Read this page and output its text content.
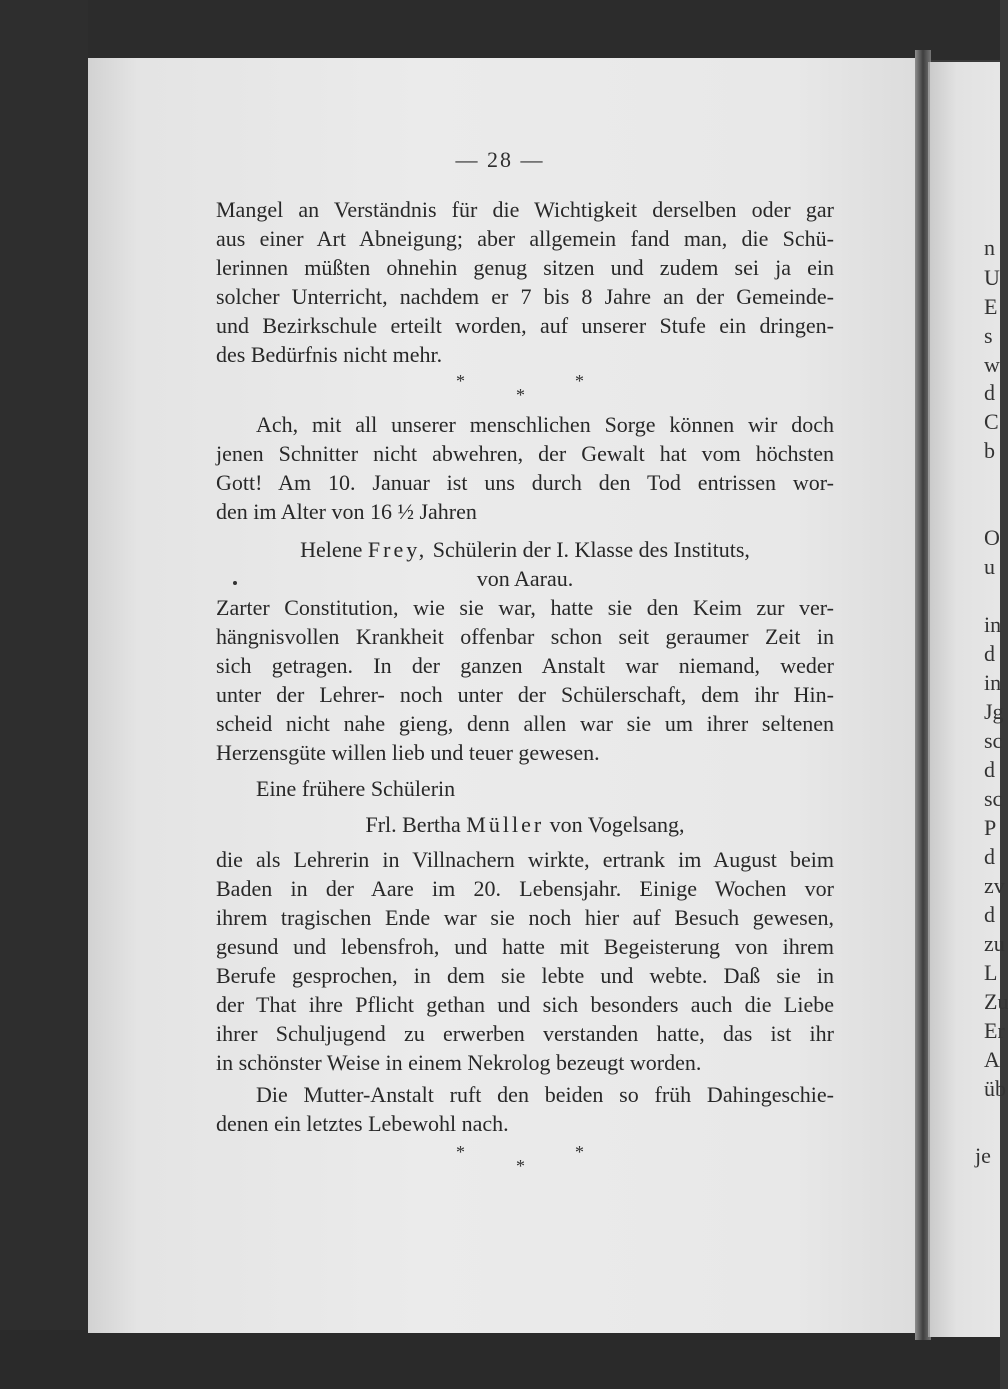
n
U
E
s
w
d
C
b
O
u
in
d
in
Jg
sc
d
sc
P
d
zv
d
zu
L
Zu
Er
A
üb
je
— 28 —
Mangel an Verständnis für die Wichtigkeit derselben oder gar
aus einer Art Abneigung; aber allgemein fand man, die Schü-
lerinnen müßten ohnehin genug sitzen und zudem sei ja ein
solcher Unterricht, nachdem er 7 bis 8 Jahre an der Gemeinde-
und Bezirkschule erteilt worden, auf unserer Stufe ein dringen-
des Bedürfnis nicht mehr.
*
*
*
Ach, mit all unserer menschlichen Sorge können wir doch
jenen Schnitter nicht abwehren, der Gewalt hat vom höchsten
Gott! Am 10. Januar ist uns durch den Tod entrissen wor-
den im Alter von 16 ½ Jahren
Helene Frey, Schülerin der I. Klasse des Instituts,
von Aarau.
Zarter Constitution, wie sie war, hatte sie den Keim zur ver-
hängnisvollen Krankheit offenbar schon seit geraumer Zeit in
sich getragen. In der ganzen Anstalt war niemand, weder
unter der Lehrer- noch unter der Schülerschaft, dem ihr Hin-
scheid nicht nahe gieng, denn allen war sie um ihrer seltenen
Herzensgüte willen lieb und teuer gewesen.
Eine frühere Schülerin
Frl. Bertha Müller von Vogelsang,
die als Lehrerin in Villnachern wirkte, ertrank im August beim
Baden in der Aare im 20. Lebensjahr. Einige Wochen vor
ihrem tragischen Ende war sie noch hier auf Besuch gewesen,
gesund und lebensfroh, und hatte mit Begeisterung von ihrem
Berufe gesprochen, in dem sie lebte und webte. Daß sie in
der That ihre Pflicht gethan und sich besonders auch die Liebe
ihrer Schuljugend zu erwerben verstanden hatte, das ist ihr
in schönster Weise in einem Nekrolog bezeugt worden.
Die Mutter-Anstalt ruft den beiden so früh Dahingeschie-
denen ein letztes Lebewohl nach.
*
*
*
